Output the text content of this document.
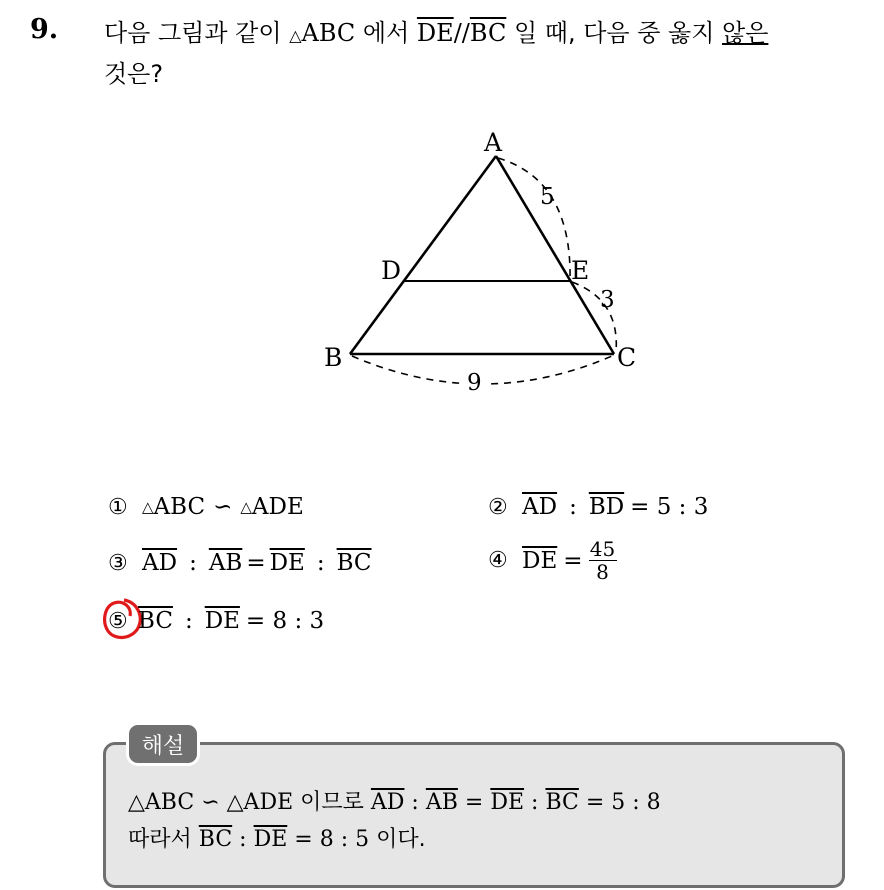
9. 다음 그림과 같이 △ABC 에서 $\overline{DE}//\overline{BC}$ 일 때, 다음 중 옳지 않은
것은?
A
B	C
D	E
5
3
9
① △ ABC ∽ △ ADE	② $\overline{AD}$ : $\overline{BD} = 5$ : 3
③ $\overline{AD}$ : $\overline{AB} = \overline{DE}$ : $\overline{BC}$	④ $\overline{DE} = \frac{45}{8}$
⑤ $\overline{BC}$ : $\overline{DE} = 8$ : 3
해설
△ABC ∽ △ADE 이므로 $\overline{AD}$ : $\overline{AB} = \overline{DE}$ : $\overline{BC} = 5$ : 8
따라서 $\overline{BC}$ : $\overline{DE} = 8$ : 5 이다.
